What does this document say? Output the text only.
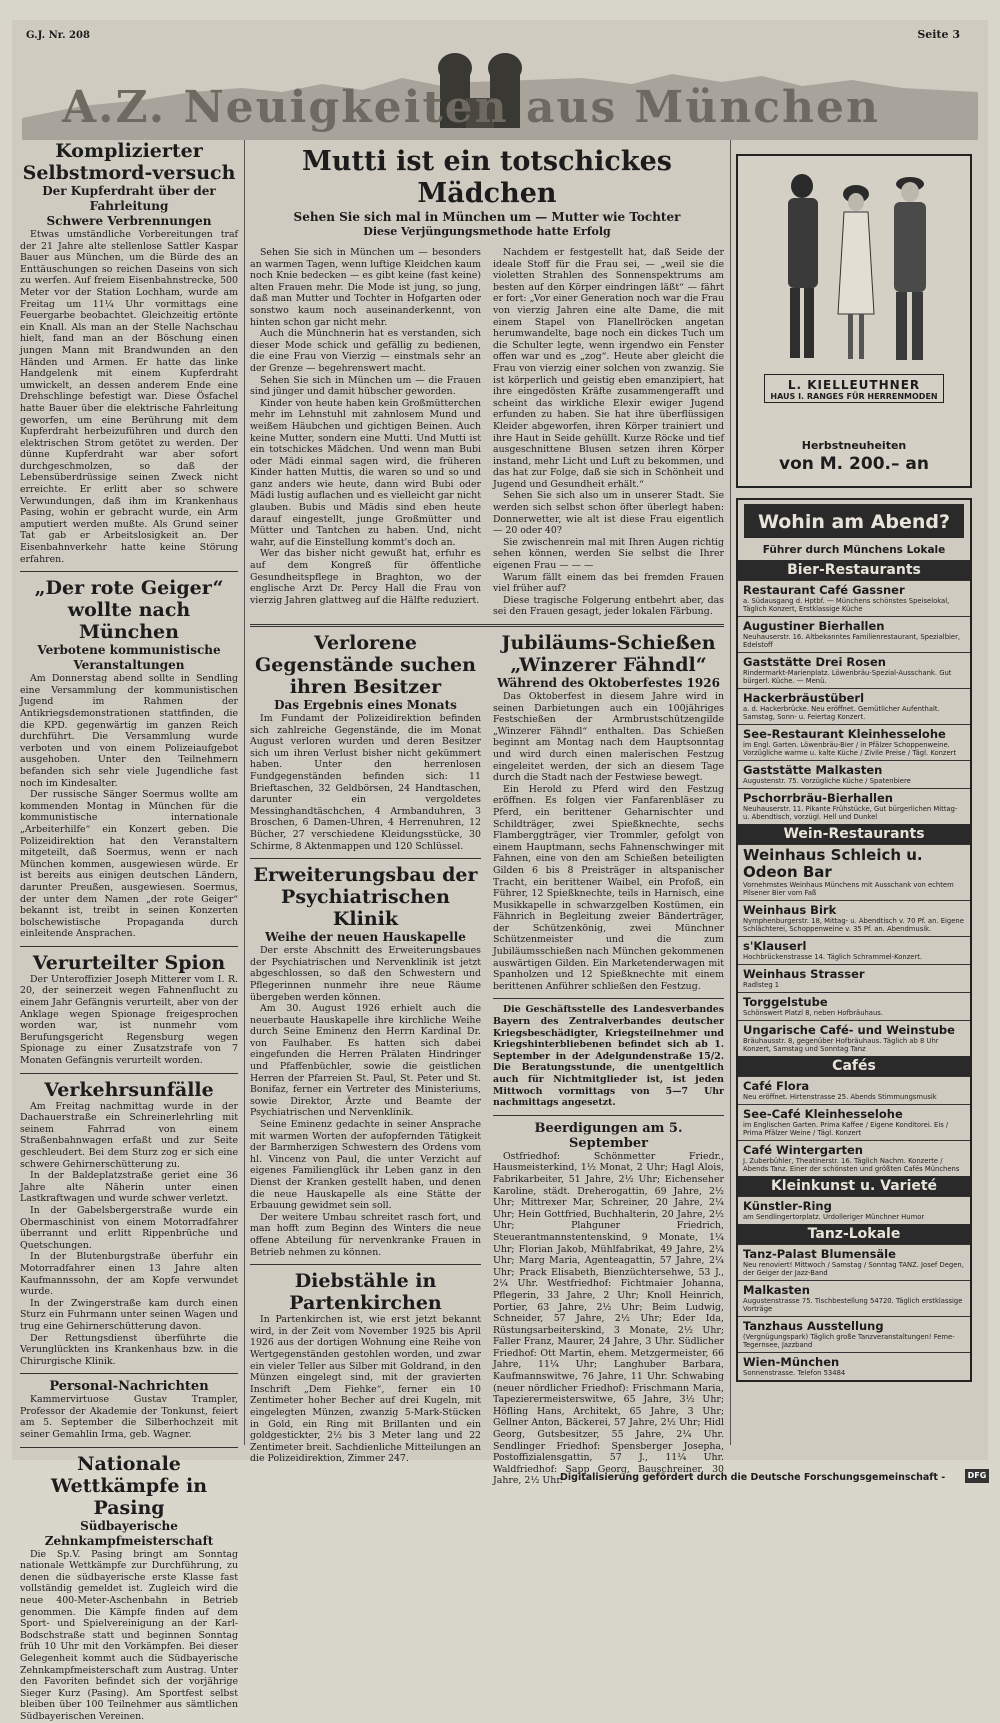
G.J. Nr. 208	Seite 3
A.Z. Neuigkeiten aus München
Komplizierter Selbstmord-versuch
Der Kupferdraht über der Fahrleitung
Schwere Verbrennungen

Etwas umständliche Vorbereitungen traf der 21 Jahre alte stellenlose Sattler Kaspar Bauer aus München, um die Bürde des an Enttäuschungen so reichen Daseins von sich zu werfen. Auf freiem Eisenbahnstrecke, 500 Meter vor der Station Lochham, wurde am Freitag um 11¼ Uhr vormittags eine Feuergarbe beobachtet. Gleichzeitig ertönte ein Knall. Als man an der Stelle Nachschau hielt, fand man an der Böschung einen jungen Mann mit Brandwunden an den Händen und Armen. Er hatte das linke Handgelenk mit einem Kupferdraht umwickelt, an dessen anderem Ende eine Drehschlinge befestigt war. Diese Ösfachel hatte Bauer über die elektrische Fahrleitung geworfen, um eine Berührung mit dem Kupferdraht herbeizuführen und durch den elektrischen Strom getötet zu werden. Der dünne Kupferdraht war aber sofort durchgeschmolzen, so daß der Lebensüberdrüssige seinen Zweck nicht erreichte. Er erlitt aber so schwere Verwundungen, daß ihm im Krankenhaus Pasing, wohin er gebracht wurde, ein Arm amputiert werden mußte. Als Grund seiner Tat gab er Arbeitslosigkeit an. Der Eisenbahnverkehr hatte keine Störung erfahren.

„Der rote Geiger“ wollte nach München
Verbotene kommunistische Veranstaltungen

Am Donnerstag abend sollte in Sendling eine Versammlung der kommunistischen Jugend im Rahmen der Antikriegsdemonstrationen stattfinden, die die KPD. gegenwärtig im ganzen Reich durchführt. Die Versammlung wurde verboten und von einem Polizeiaufgebot ausgehoben. Unter den Teilnehmern befanden sich sehr viele Jugendliche fast noch im Kindesalter.

Der russische Sänger Soermus wollte am kommenden Montag in München für die kommunistische internationale „Arbeiterhilfe“ ein Konzert geben. Die Polizeidirektion hat den Veranstaltern mitgeteilt, daß Soermus, wenn er nach München kommen, ausgewiesen würde. Er ist bereits aus einigen deutschen Ländern, darunter Preußen, ausgewiesen. Soermus, der unter dem Namen „der rote Geiger“ bekannt ist, treibt in seinen Konzerten bolschewistische Propaganda durch einleitende Ansprachen.

Verurteilter Spion

Der Unteroffizier Joseph Mitterer vom I. R. 20, der seinerzeit wegen Fahnenflucht zu einem Jahr Gefängnis verurteilt, aber von der Anklage wegen Spionage freigesprochen worden war, ist nunmehr vom Berufungsgericht Regensburg wegen Spionage zu einer Zusatzstrafe von 7 Monaten Gefängnis verurteilt worden.

Verkehrsunfälle

Am Freitag nachmittag wurde in der Dachauerstraße ein Schreinerlehrling mit seinem Fahrrad von einem Straßenbahnwagen erfaßt und zur Seite geschleudert. Bei dem Sturz zog er sich eine schwere Gehirnerschütterung zu.

In der Baldeplatzstraße geriet eine 36 Jahre alte Näherin unter einen Lastkraftwagen und wurde schwer verletzt.

In der Gabelsbergerstraße wurde ein Obermaschinist von einem Motorradfahrer überrannt und erlitt Rippenbrüche und Quetschungen.

In der Blutenburgstraße überfuhr ein Motorradfahrer einen 13 Jahre alten Kaufmannssohn, der am Kopfe verwundet wurde.

In der Zwingerstraße kam durch einen Sturz ein Fuhrmann unter seinen Wagen und trug eine Gehirnerschütterung davon.

Der Rettungsdienst überführte die Verunglückten ins Krankenhaus bzw. in die Chirurgische Klinik.

Personal-Nachrichten

Kammervirtuose Gustav Trampler, Professor der Akademie der Tonkunst, feiert am 5. September die Silberhochzeit mit seiner Gemahlin Irma, geb. Wagner.

Nationale Wettkämpfe in Pasing
Südbayerische Zehnkampfmeisterschaft

Die Sp.V. Pasing bringt am Sonntag nationale Wettkämpfe zur Durchführung, zu denen die südbayerische erste Klasse fast vollständig gemeldet ist. Zugleich wird die neue 400-Meter-Aschenbahn in Betrieb genommen. Die Kämpfe finden auf dem Sport- und Spielvereinigung an der Karl-Bodschstraße statt und beginnen Sonntag früh 10 Uhr mit den Vorkämpfen. Bei dieser Gelegenheit kommt auch die Südbayerische Zehnkampfmeisterschaft zum Austrag. Unter den Favoriten befindet sich der vorjährige Sieger Kurz (Pasing). Am Sportfest selbst bleiben über 100 Teilnehmer aus sämtlichen Südbayerischen Vereinen.

Mutti ist ein totschickes Mädchen
Sehen Sie sich mal in München um — Mutter wie Tochter
Diese Verjüngungsmethode hatte Erfolg

Sehen Sie sich in München um — besonders an warmen Tagen, wenn luftige Kleidchen kaum noch Knie bedecken — es gibt keine (fast keine) alten Frauen mehr. Die Mode ist jung, so jung, daß man Mutter und Tochter in Hofgarten oder sonstwo kaum noch auseinanderkennt, von hinten schon gar nicht mehr.

Auch die Münchnerin hat es verstanden, sich dieser Mode schick und gefällig zu bedienen, die eine Frau von Vierzig — einstmals sehr an der Grenze — begehrenswert macht.

Sehen Sie sich in München um — die Frauen sind jünger und damit hübscher geworden.

Kinder von heute haben kein Großmütterchen mehr im Lehnstuhl mit zahnlosem Mund und weißem Häubchen und gichtigen Beinen. Auch keine Mutter, sondern eine Mutti. Und Mutti ist ein totschickes Mädchen. Und wenn man Bubi oder Mädi einmal sagen wird, die früheren Kinder hatten Muttis, die waren so und so und ganz anders wie heute, dann wird Bubi oder Mädi lustig auflachen und es vielleicht gar nicht glauben. Bubis und Mädis sind eben heute darauf eingestellt, junge Großmütter und Mütter und Tantchen zu haben. Und, nicht wahr, auf die Einstellung kommt's doch an.

Wer das bisher nicht gewußt hat, erfuhr es auf dem Kongreß für öffentliche Gesundheitspflege in Braghton, wo der englische Arzt Dr. Percy Hall die Frau von vierzig Jahren glattweg auf die Hälfte reduziert.

Nachdem er festgestellt hat, daß Seide der ideale Stoff für die Frau sei, — „weil sie die violetten Strahlen des Sonnenspektrums am besten auf den Körper eindringen läßt“ — fährt er fort: „Vor einer Generation noch war die Frau von vierzig Jahren eine alte Dame, die mit einem Stapel von Flanellröcken angetan herumwandelte, bage noch ein dickes Tuch um die Schulter legte, wenn irgendwo ein Fenster offen war und es „zog“. Heute aber gleicht die Frau von vierzig einer solchen von zwanzig. Sie ist körperlich und geistig eben emanzipiert, hat ihre eingedösten Kräfte zusammengerafft und scheint das wirkliche Elexir ewiger Jugend erfunden zu haben. Sie hat ihre überflüssigen Kleider abgeworfen, ihren Körper trainiert und ihre Haut in Seide gehüllt. Kurze Röcke und tief ausgeschnittene Blusen setzen ihren Körper instand, mehr Licht und Luft zu bekommen, und das hat zur Folge, daß sie sich in Schönheit und Jugend und Gesundheit erhält.“

Sehen Sie sich also um in unserer Stadt. Sie werden sich selbst schon öfter überlegt haben: Donnerwetter, wie alt ist diese Frau eigentlich — 20 oder 40?

Sie zwischenrein mal mit Ihren Augen richtig sehen können, werden Sie selbst die Ihrer eigenen Frau — — —

Warum fällt einem das bei fremden Frauen viel früher auf?

Diese tragische Folgerung entbehrt aber, das sei den Frauen gesagt, jeder lokalen Färbung.

Verlorene Gegenstände suchen ihren Besitzer
Das Ergebnis eines Monats

Im Fundamt der Polizeidirektion befinden sich zahlreiche Gegenstände, die im Monat August verloren wurden und deren Besitzer sich um ihren Verlust bisher nicht gekümmert haben. Unter den herrenlosen Fundgegenständen befinden sich: 11 Brieftaschen, 32 Geldbörsen, 24 Handtaschen, darunter ein vergoldetes Messinghandtäschchen, 4 Armbanduhren, 3 Broschen, 6 Damen-Uhren, 4 Herrenuhren, 12 Bücher, 27 verschiedene Kleidungsstücke, 30 Schirme, 8 Aktenmappen und 120 Schlüssel.

Erweiterungsbau der Psychiatrischen Klinik
Weihe der neuen Hauskapelle

Der erste Abschnitt des Erweiterungsbaues der Psychiatrischen und Nervenklinik ist jetzt abgeschlossen, so daß den Schwestern und Pflegerinnen nunmehr ihre neue Räume übergeben werden können.

Am 30. August 1926 erhielt auch die neuerbaute Hauskapelle ihre kirchliche Weihe durch Seine Eminenz den Herrn Kardinal Dr. von Faulhaber. Es hatten sich dabei eingefunden die Herren Prälaten Hindringer und Pfaffenbüchler, sowie die geistlichen Herren der Pfarreien St. Paul, St. Peter und St. Bonifaz, ferner ein Vertreter des Ministeriums, sowie Direktor, Ärzte und Beamte der Psychiatrischen und Nervenklinik.

Seine Eminenz gedachte in seiner Ansprache mit warmen Worten der aufopfernden Tätigkeit der Barmherzigen Schwestern des Ordens vom hl. Vincenz von Paul, die unter Verzicht auf eigenes Familienglück ihr Leben ganz in den Dienst der Kranken gestellt haben, und denen die neue Hauskapelle als eine Stätte der Erbauung gewidmet sein soll.

Der weitere Umbau schreitet rasch fort, und man hofft zum Beginn des Winters die neue offene Abteilung für nervenkranke Frauen in Betrieb nehmen zu können.

Diebstähle in Partenkirchen

In Partenkirchen ist, wie erst jetzt bekannt wird, in der Zeit vom November 1925 bis April 1926 aus der dortigen Wohnung eine Reihe von Wertgegenständen gestohlen worden, und zwar ein vieler Teller aus Silber mit Goldrand, in den Münzen eingelegt sind, mit der gravierten Inschrift „Dem Fiehke“, ferner ein 10 Zentimeter hoher Becher auf drei Kugeln, mit eingelegten Münzen, zwanzig 5-Mark-Stücken in Gold, ein Ring mit Brillanten und ein goldgestickter, 2½ bis 3 Meter lang und 22 Zentimeter breit. Sachdienliche Mitteilungen an die Polizeidirektion, Zimmer 247.

Jubiläums-Schießen „Winzerer Fähndl“
Während des Oktoberfestes 1926

Das Oktoberfest in diesem Jahre wird in seinen Darbietungen auch ein 100jähriges Festschießen der Armbrustschützengilde „Winzerer Fähndl“ enthalten. Das Schießen beginnt am Montag nach dem Hauptsonntag und wird durch einen malerischen Festzug eingeleitet werden, der sich an diesem Tage durch die Stadt nach der Festwiese bewegt.

Ein Herold zu Pferd wird den Festzug eröffnen. Es folgen vier Fanfarenbläser zu Pferd, ein berittener Geharnischter und Schildträger, zwei Spießknechte, sechs Flamberggträger, vier Trommler, gefolgt von einem Hauptmann, sechs Fahnenschwinger mit Fahnen, eine von den am Schießen beteiligten Gilden 6 bis 8 Preisträger in altspanischer Tracht, ein berittener Waibel, ein Profoß, ein Führer, 12 Spießknechte, teils in Harnisch, eine Musikkapelle in schwarzgelben Kostümen, ein Fähnrich in Begleitung zweier Bänderträger, der Schützenkönig, zwei Münchner Schützenmeister und die zum Jubiläumsschießen nach München gekommenen auswärtigen Gilden. Ein Marketenderwagen mit Spanholzen und 12 Spießknechte mit einem berittenen Anführer schließen den Festzug.

Die Geschäftsstelle des Landesverbandes Bayern des Zentralverbandes deutscher Kriegsbeschädigter, Kriegsteilnehmer und Kriegshinterbliebenen befindet sich ab 1. September in der Adelgundenstraße 15/2. Die Beratungsstunde, die unentgeltlich auch für Nichtmitglieder ist, ist jeden Mittwoch vormittags von 5—7 Uhr nachmittags angesetzt.

Beerdigungen am 5. September

Ostfriedhof: Schönmetter Friedr., Hausmeisterkind, 1½ Monat, 2 Uhr; Hagl Alois, Fabrikarbeiter, 51 Jahre, 2½ Uhr; Eichenseher Karoline, städt. Dreherogattin, 69 Jahre, 2½ Uhr; Mittrexer Mar, Schreiner, 20 Jahre, 2¼ Uhr; Hein Gottfried, Buchhalterin, 20 Jahre, 2½ Uhr; Plahguner Friedrich, Steuerantmannstentenskind, 9 Monate, 1¼ Uhr; Florian Jakob, Mühlfabrikat, 49 Jahre, 2¼ Uhr; Marg Maria, Agenteagattin, 57 Jahre, 2¼ Uhr; Prack Elisabeth, Bienzüchtersehwe, 53 J., 2¼ Uhr. Westfriedhof: Fichtmaier Johanna, Pflegerin, 33 Jahre, 2 Uhr; Knoll Heinrich, Portier, 63 Jahre, 2½ Uhr; Beim Ludwig, Schneider, 57 Jahre, 2½ Uhr; Eder Ida, Rüstungsarbeiterskind, 3 Monate, 2½ Uhr; Faller Franz, Maurer, 24 Jahre, 3 Uhr. Südlicher Friedhof: Ott Martin, ehem. Metzgermeister, 66 Jahre, 11¼ Uhr; Langhuber Barbara, Kaufmannswitwe, 76 Jahre, 11 Uhr. Schwabing (neuer nördlicher Friedhof): Frischmann Maria, Tapezierermeisterswitwe, 65 Jahre, 3½ Uhr; Höfling Hans, Architekt, 65 Jahre, 3 Uhr; Gellner Anton, Bäckerei, 57 Jahre, 2½ Uhr; Hidl Georg, Gutsbesitzer, 55 Jahre, 2¼ Uhr. Sendlinger Friedhof: Spensberger Josepha, Postoffizialensgattin, 57 J., 11¼ Uhr. Waldfriedhof: Sapp Georg, Bauschreiner, 30 Jahre, 2½ Uhr.

L. KIELLEUTHNER
HAUS I. RANGES FÜR HERRENMODEN
Herbstneuheiten
von M. 200.– an
Wohin am Abend?
Führer durch Münchens Lokale
Bier-Restaurants
Restaurant Café Gassner
a. Südausgang d. Hptbf. — Münchens schönstes Speiselokal, Täglich Konzert, Erstklassige Küche
Augustiner Bierhallen
Neuhauserstr. 16. Altbekanntes Familienrestaurant, Spezialbier, Edelstoff
Gaststätte Drei Rosen
Rindermarkt-Marienplatz. Löwenbräu-Spezial-Ausschank. Gut bürgerl. Küche. — Menü.
Hackerbräustüberl
a. d. Hackerbrücke. Neu eröffnet. Gemütlicher Aufenthalt. Samstag, Sonn- u. Feiertag Konzert.
See-Restaurant Kleinhesselohe
im Engl. Garten. Löwenbräu-Bier / in Pfälzer Schoppenweine. Vorzügliche warme u. kalte Küche / Zivile Preise / Tägl. Konzert
Gaststätte Malkasten
Augustenstr. 75. Vorzügliche Küche / Spatenbiere
Pschorrbräu-Bierhallen
Neuhauserstr. 11. Pikante Frühstücke, Gut bürgerlichen Mittag- u. Abendtisch, vorzügl. Hell und Dunkel
Wein-Restaurants
Weinhaus Schleich u. Odeon Bar
Vornehmstes Weinhaus Münchens mit Ausschank von echtem Pilsener Bier vom Faß
Weinhaus Birk
Nymphenburgerstr. 18, Mittag- u. Abendtisch v. 70 Pf. an. Eigene Schlächterei, Schoppenweine v. 35 Pf. an. Abendmusik.
s'Klauserl
Hochbrückenstrasse 14. Täglich Schrammel-Konzert.
Weinhaus Strasser
Radlsteg 1
Torggelstube
Schönswert Platzl 8, neben Hofbräuhaus.
Ungarische Café- und Weinstube
Bräuhausstr. 8, gegenüber Hofbräuhaus. Täglich ab 8 Uhr Konzert, Samstag und Sonntag Tanz
Cafés
Café Flora
Neu eröffnet. Hirtenstrasse 25. Abends Stimmungsmusik
See-Café Kleinhesselohe
im Englischen Garten. Prima Kaffee / Eigene Konditorei. Eis / Prima Pfälzer Weine / Tägl. Konzert
Café Wintergarten
J. Zuberbühler, Theatinerstr. 16. Täglich Nachm. Konzerte / Abends Tanz. Einer der schönsten und größten Cafés Münchens
Kleinkunst u. Varieté
Künstler-Ring
am Sendlingertorplatz. Urdolleriger Münchner Humor
Tanz-Lokale
Tanz-Palast Blumensäle
Neu renoviert! Mittwoch / Samstag / Sonntag TANZ. Josef Degen, der Geiger der Jazz-Band
Malkasten
Augustenstrasse 75. Tischbestellung 54720. Täglich erstklassige Vorträge
Tanzhaus Ausstellung
(Vergnügungspark) Täglich große Tanzveranstaltungen! Feme-Tegernsee, Jazzband
Wien-München
Sonnenstrasse. Telefon 53484
Digitalisierung gefördert durch die Deutsche Forschungsgemeinschaft -	DFG
